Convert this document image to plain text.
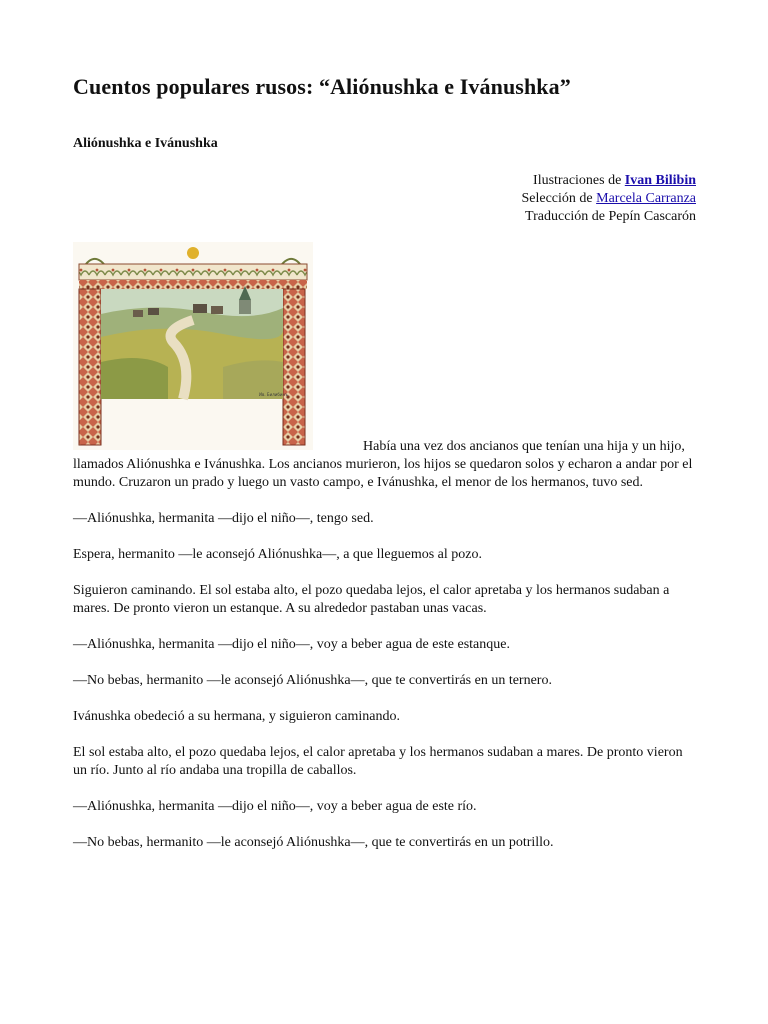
Cuentos populares rusos: “Aliónushka e Ivánushka”
Aliónushka e Ivánushka
Ilustraciones de Ivan Bilibin
Selección de Marcela Carranza
Traducción de Pepín Cascarón
Ив. Билибинъ

Había una vez dos ancianos que tenían una hija y un hijo, llamados Aliónushka e Ivánushka. Los ancianos murieron, los hijos se quedaron solos y echaron a andar por el mundo. Cruzaron un prado y luego un vasto campo, e Ivánushka, el menor de los hermanos, tuvo sed.

—Aliónushka, hermanita —dijo el niño—, tengo sed.

Espera, hermanito —le aconsejó Aliónushka—, a que lleguemos al pozo.

Siguieron caminando. El sol estaba alto, el pozo quedaba lejos, el calor apretaba y los hermanos sudaban a mares. De pronto vieron un estanque. A su alrededor pastaban unas vacas.

—Aliónushka, hermanita —dijo el niño—, voy a beber agua de este estanque.

—No bebas, hermanito —le aconsejó Aliónushka—, que te convertirás en un ternero.

Ivánushka obedeció a su hermana, y siguieron caminando.

El sol estaba alto, el pozo quedaba lejos, el calor apretaba y los hermanos sudaban a mares. De pronto vieron un río. Junto al río andaba una tropilla de caballos.

—Aliónushka, hermanita —dijo el niño—, voy a beber agua de este río.

—No bebas, hermanito —le aconsejó Aliónushka—, que te convertirás en un potrillo.
